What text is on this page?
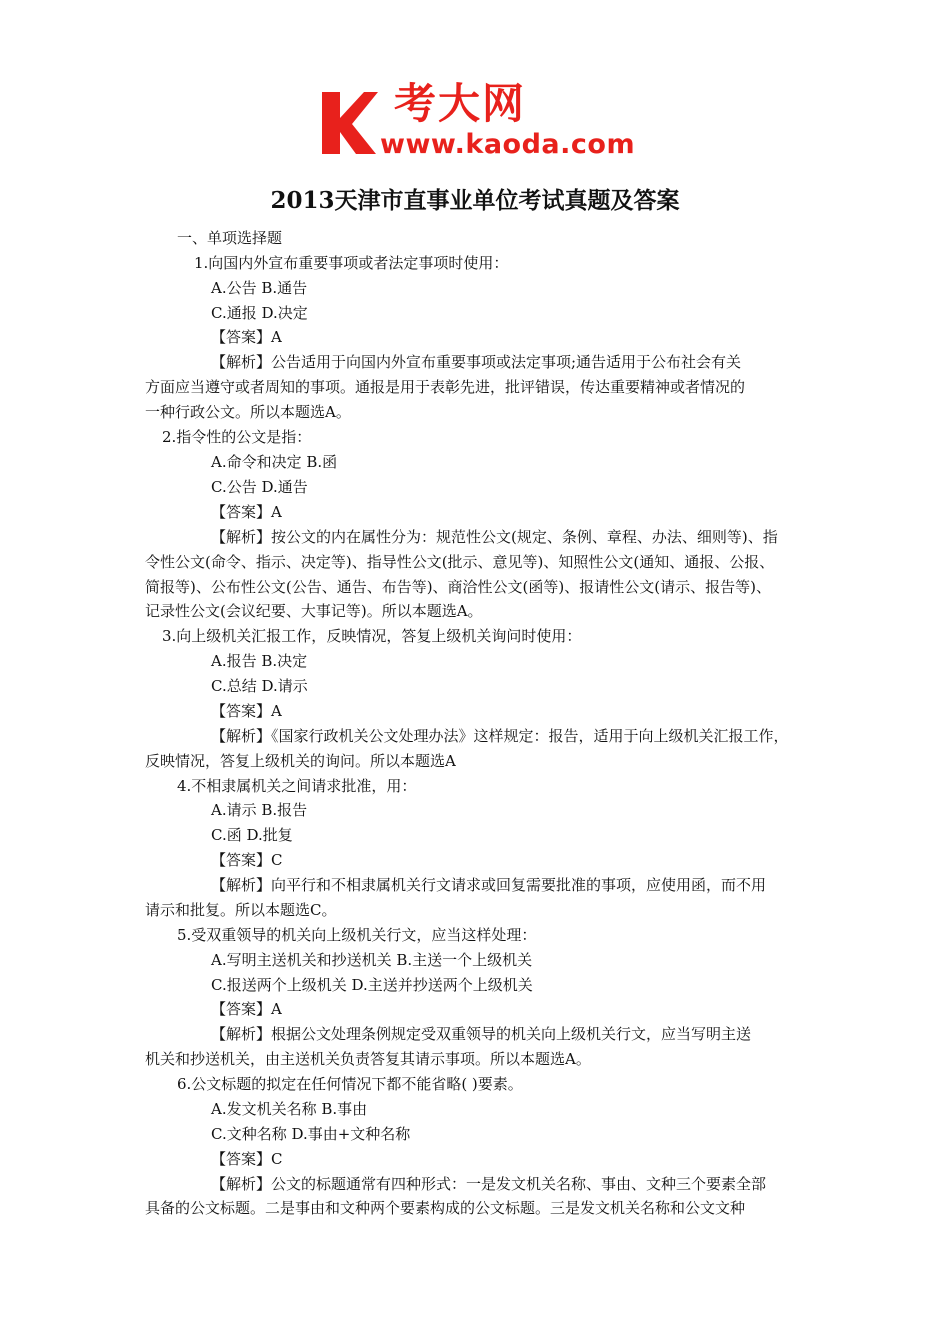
考大网
www.kaoda.com
2013天津市直事业单位考试真题及答案
一、单项选择题
1.向国内外宣布重要事项或者法定事项时使用：
A.公告 B.通告
C.通报 D.决定
【答案】A
【解析】公告适用于向国内外宣布重要事项或法定事项;通告适用于公布社会有关
方面应当遵守或者周知的事项。通报是用于表彰先进，批评错误，传达重要精神或者情况的
一种行政公文。所以本题选A。
2.指令性的公文是指：
A.命令和决定 B.函
C.公告 D.通告
【答案】A
【解析】按公文的内在属性分为：规范性公文(规定、条例、章程、办法、细则等)、指
令性公文(命令、指示、决定等)、指导性公文(批示、意见等)、知照性公文(通知、通报、公报、
简报等)、公布性公文(公告、通告、布告等)、商洽性公文(函等)、报请性公文(请示、报告等)、
记录性公文(会议纪要、大事记等)。所以本题选A。
3.向上级机关汇报工作，反映情况，答复上级机关询问时使用：
A.报告 B.决定
C.总结 D.请示
【答案】A
【解析】《国家行政机关公文处理办法》这样规定：报告，适用于向上级机关汇报工作，
反映情况，答复上级机关的询问。所以本题选A
4.不相隶属机关之间请求批准，用：
A.请示 B.报告
C.函 D.批复
【答案】C
【解析】向平行和不相隶属机关行文请求或回复需要批准的事项，应使用函，而不用
请示和批复。所以本题选C。
5.受双重领导的机关向上级机关行文，应当这样处理：
A.写明主送机关和抄送机关 B.主送一个上级机关
C.报送两个上级机关 D.主送并抄送两个上级机关
【答案】A
【解析】根据公文处理条例规定受双重领导的机关向上级机关行文，应当写明主送
机关和抄送机关，由主送机关负责答复其请示事项。所以本题选A。
6.公文标题的拟定在任何情况下都不能省略( )要素。
A.发文机关名称 B.事由
C.文种名称 D.事由+文种名称
【答案】C
【解析】公文的标题通常有四种形式：一是发文机关名称、事由、文种三个要素全部
具备的公文标题。二是事由和文种两个要素构成的公文标题。三是发文机关名称和公文文种
